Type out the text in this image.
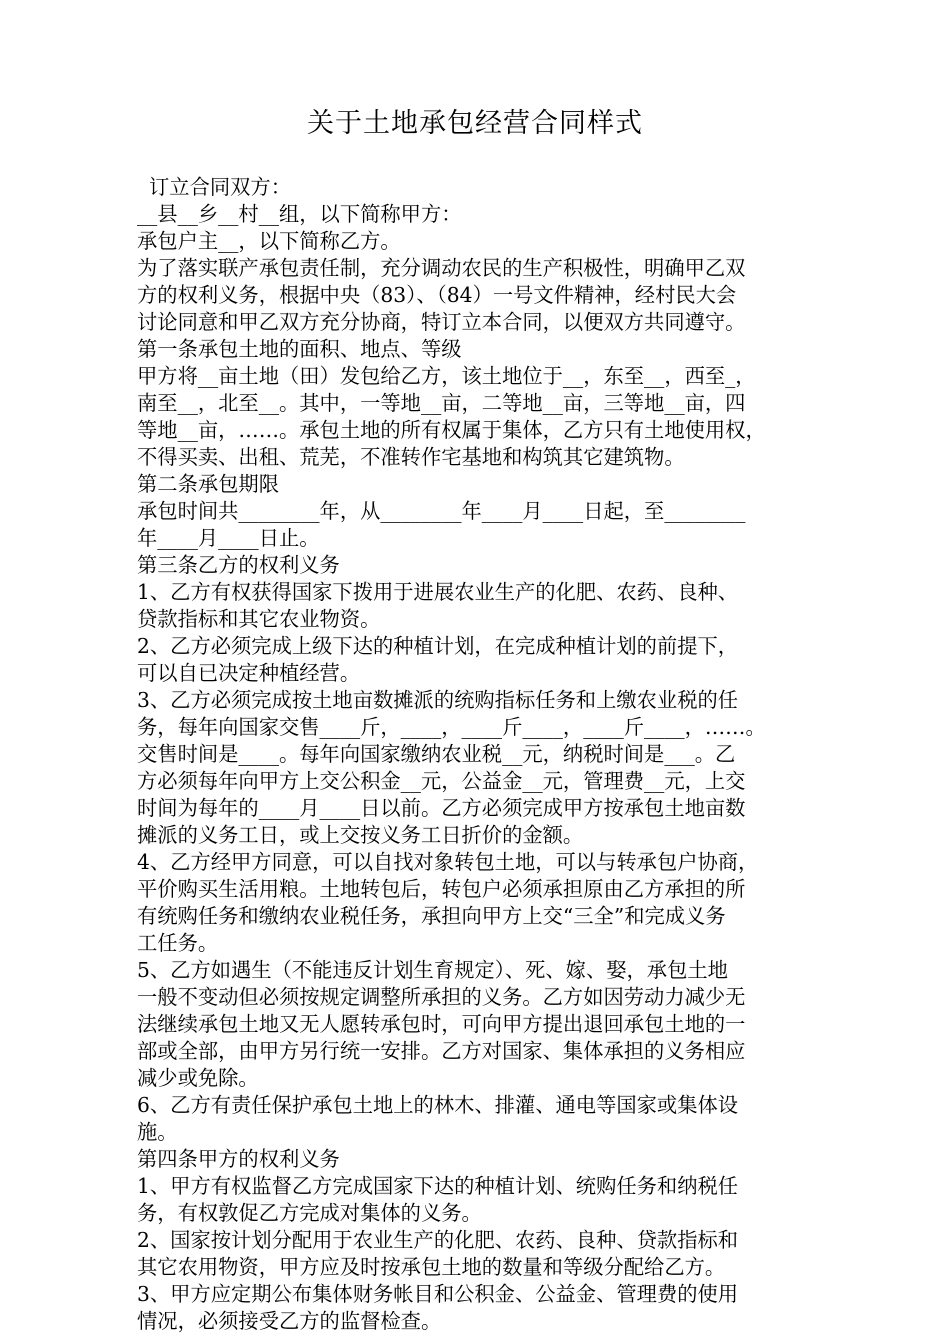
关于土地承包经营合同样式

订立合同双方：

__县__乡__村__组，以下简称甲方：

承包户主__，以下简称乙方。

为了落实联产承包责任制，充分调动农民的生产积极性，明确甲乙双

方的权利义务，根据中央（83）、（84）一号文件精神，经村民大会

讨论同意和甲乙双方充分协商，特订立本合同，以便双方共同遵守。

第一条承包土地的面积、地点、等级

甲方将__亩土地（田）发包给乙方，该土地位于__，东至__，西至_，

南至__，北至__。其中，一等地__亩，二等地__亩，三等地__亩，四

等地__亩，……。承包土地的所有权属于集体，乙方只有土地使用权，

不得买卖、出租、荒芜，不准转作宅基地和构筑其它建筑物。

第二条承包期限

承包时间共________年，从________年____月____日起，至________

年____月____日止。

第三条乙方的权利义务

1、乙方有权获得国家下拨用于进展农业生产的化肥、农药、良种、

贷款指标和其它农业物资。

2、乙方必须完成上级下达的种植计划，在完成种植计划的前提下，

可以自已决定种植经营。

3、乙方必须完成按土地亩数摊派的统购指标任务和上缴农业税的任

务，每年向国家交售____斤，____，____斤____，____斤____，……。

交售时间是____。每年向国家缴纳农业税__元，纳税时间是___。乙

方必须每年向甲方上交公积金__元，公益金__元，管理费__元，上交

时间为每年的____月____日以前。乙方必须完成甲方按承包土地亩数

摊派的义务工日，或上交按义务工日折价的金额。

4、乙方经甲方同意，可以自找对象转包土地，可以与转承包户协商，

平价购买生活用粮。土地转包后，转包户必须承担原由乙方承担的所

有统购任务和缴纳农业税任务，承担向甲方上交“三全”和完成义务

工任务。

5、乙方如遇生（不能违反计划生育规定）、死、嫁、娶，承包土地

一般不变动但必须按规定调整所承担的义务。乙方如因劳动力减少无

法继续承包土地又无人愿转承包时，可向甲方提出退回承包土地的一

部或全部，由甲方另行统一安排。乙方对国家、集体承担的义务相应

减少或免除。

6、乙方有责任保护承包土地上的林木、排灌、通电等国家或集体设

施。

第四条甲方的权利义务

1、甲方有权监督乙方完成国家下达的种植计划、统购任务和纳税任

务，有权敦促乙方完成对集体的义务。

2、国家按计划分配用于农业生产的化肥、农药、良种、贷款指标和

其它农用物资，甲方应及时按承包土地的数量和等级分配给乙方。

3、甲方应定期公布集体财务帐目和公积金、公益金、管理费的使用

情况，必须接受乙方的监督检查。
